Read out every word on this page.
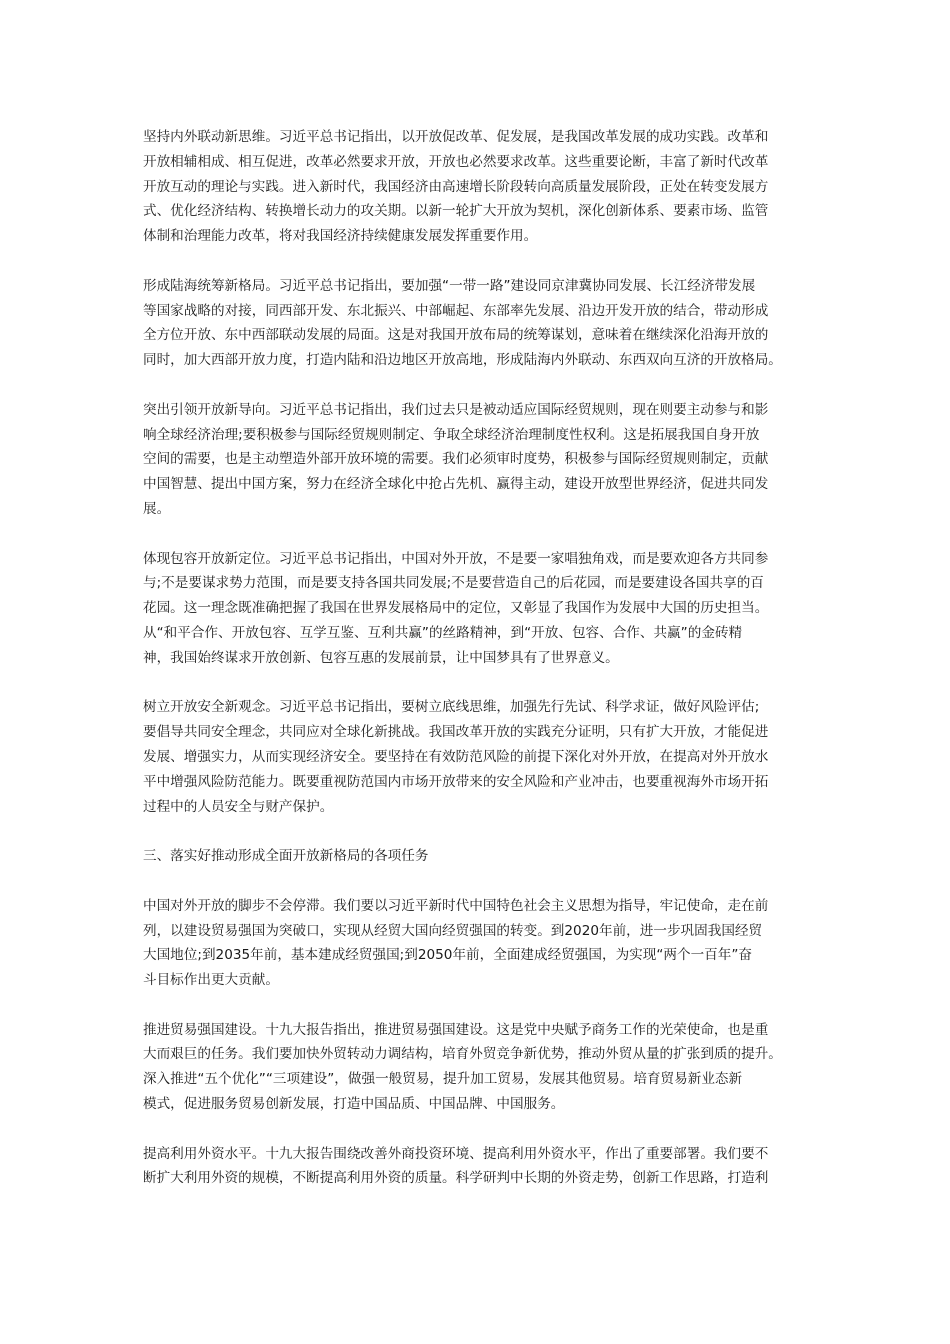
坚持内外联动新思维。习近平总书记指出，以开放促改革、促发展，是我国改革发展的成功实践。改革和
开放相辅相成、相互促进，改革必然要求开放，开放也必然要求改革。这些重要论断，丰富了新时代改革
开放互动的理论与实践。进入新时代，我国经济由高速增长阶段转向高质量发展阶段，正处在转变发展方
式、优化经济结构、转换增长动力的攻关期。以新一轮扩大开放为契机，深化创新体系、要素市场、监管
体制和治理能力改革，将对我国经济持续健康发展发挥重要作用。
形成陆海统筹新格局。习近平总书记指出，要加强“一带一路”建设同京津冀协同发展、长江经济带发展
等国家战略的对接，同西部开发、东北振兴、中部崛起、东部率先发展、沿边开发开放的结合，带动形成
全方位开放、东中西部联动发展的局面。这是对我国开放布局的统筹谋划，意味着在继续深化沿海开放的
同时，加大西部开放力度，打造内陆和沿边地区开放高地，形成陆海内外联动、东西双向互济的开放格局。
突出引领开放新导向。习近平总书记指出，我们过去只是被动适应国际经贸规则，现在则要主动参与和影
响全球经济治理;要积极参与国际经贸规则制定、争取全球经济治理制度性权利。这是拓展我国自身开放
空间的需要，也是主动塑造外部开放环境的需要。我们必须审时度势，积极参与国际经贸规则制定，贡献
中国智慧、提出中国方案，努力在经济全球化中抢占先机、赢得主动，建设开放型世界经济，促进共同发
展。
体现包容开放新定位。习近平总书记指出，中国对外开放，不是要一家唱独角戏，而是要欢迎各方共同参
与;不是要谋求势力范围，而是要支持各国共同发展;不是要营造自己的后花园，而是要建设各国共享的百
花园。这一理念既准确把握了我国在世界发展格局中的定位，又彰显了我国作为发展中大国的历史担当。
从“和平合作、开放包容、互学互鉴、互利共赢”的丝路精神，到“开放、包容、合作、共赢”的金砖精
神，我国始终谋求开放创新、包容互惠的发展前景，让中国梦具有了世界意义。
树立开放安全新观念。习近平总书记指出，要树立底线思维，加强先行先试、科学求证，做好风险评估;
要倡导共同安全理念，共同应对全球化新挑战。我国改革开放的实践充分证明，只有扩大开放，才能促进
发展、增强实力，从而实现经济安全。要坚持在有效防范风险的前提下深化对外开放，在提高对外开放水
平中增强风险防范能力。既要重视防范国内市场开放带来的安全风险和产业冲击，也要重视海外市场开拓
过程中的人员安全与财产保护。
三、落实好推动形成全面开放新格局的各项任务
中国对外开放的脚步不会停滞。我们要以习近平新时代中国特色社会主义思想为指导，牢记使命，走在前
列，以建设贸易强国为突破口，实现从经贸大国向经贸强国的转变。到2020年前，进一步巩固我国经贸
大国地位;到2035年前，基本建成经贸强国;到2050年前，全面建成经贸强国，为实现“两个一百年”奋
斗目标作出更大贡献。
推进贸易强国建设。十九大报告指出，推进贸易强国建设。这是党中央赋予商务工作的光荣使命，也是重
大而艰巨的任务。我们要加快外贸转动力调结构，培育外贸竞争新优势，推动外贸从量的扩张到质的提升。
深入推进“五个优化”“三项建设”，做强一般贸易，提升加工贸易，发展其他贸易。培育贸易新业态新
模式，促进服务贸易创新发展，打造中国品质、中国品牌、中国服务。
提高利用外资水平。十九大报告围绕改善外商投资环境、提高利用外资水平，作出了重要部署。我们要不
断扩大利用外资的规模，不断提高利用外资的质量。科学研判中长期的外资走势，创新工作思路，打造利
